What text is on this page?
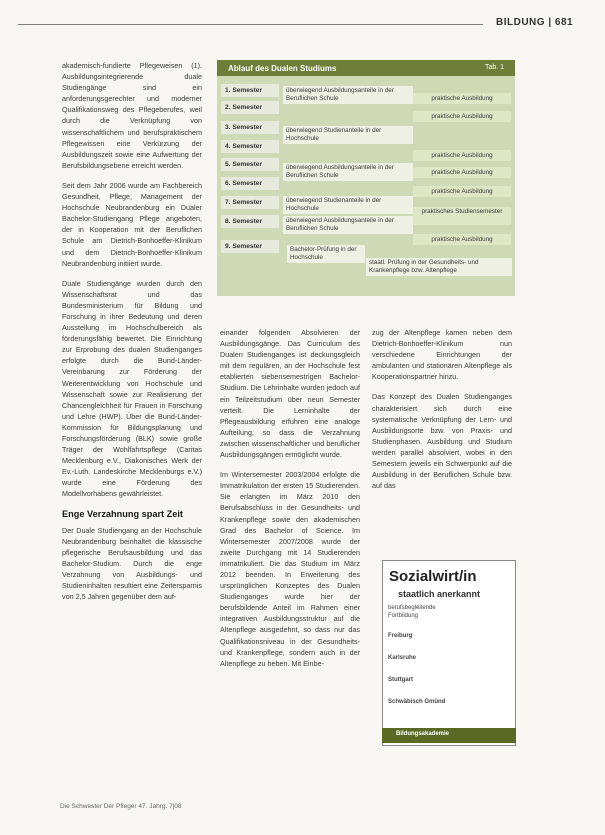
BILDUNG | 681

akademisch-fundierte Pflegeweisen (1). Ausbildungsintegrierende duale Studiengänge sind ein anforderungsgerechter und moderner Qualifikationsweg des Pflegeberufes, weil durch die Verknüpfung von wissenschaftlichem und berufspraktischem Pflegewissen eine Verkürzung der Ausbildungszeit sowie eine Aufwertung der Berufsbildungsebene erreicht werden.

Seit dem Jahr 2006 wurde am Fachbereich Gesundheit, Pflege, Management der Hochschule Neubrandenburg ein Dualer Bachelor-Studiengang Pflege angeboten, der in Kooperation mit der Beruflichen Schule am Dietrich-Bonhoeffer-Klinikum und dem Dietrich-Bonhoeffer-Klinikum Neubrandenburg initiiert wurde.

Duale Studiengänge wurden durch den Wissenschaftsrat und das Bundesministerium für Bildung und Forschung in ihrer Bedeutung und deren Ausstellung im Hochschulbereich als förderungsfähig bewertet. Die Einrichtung zur Erprobung des dualen Studienganges erfolgte durch die Bund-Länder-Vereinbarung zur Förderung der Weiterentwicklung von Hochschule und Wissenschaft sowie zur Realisierung der Chancengleichheit für Frauen in Forschung und Lehre (HWP). Über die Bund-Länder-Kommission für Bildungsplanung und Forschungsförderung (BLK) sowie große Träger der Wohlfahrtspflege (Caritas Mecklenburg e.V., Diakonisches Werk der Ev.-Luth. Landeskirche Mecklenburgs e.V.) wurde eine Förderung des Modellvorhabens gewährleistet.

Enge Verzahnung spart Zeit

Der Duale Studiengang an der Hochschule Neubrandenburg beinhaltet die klassische pflegerische Berufsausbildung und das Bachelor-Studium. Durch die enge Verzahnung von Ausbildungs- und Studieninhalten resultiert eine Zeitersparnis von 2,5 Jahren gegenüber dem auf-

Ablauf des Dualen Studiums	Tab. 1
1. Semester
2. Semester
3. Semester
4. Semester
5. Semester
6. Semester
7. Semester
8. Semester
9. Semester
überwiegend Ausbildungsanteile in der Beruflichen Schule
überwiegend Studienanteile in der Hochschule
überwiegend Ausbildungsanteile in der Beruflichen Schule
überwiegend Studienanteile in der Hochschule
überwiegend Ausbildungsanteile in der Beruflichen Schule
Bachelor-Prüfung in der Hochschule
staatl. Prüfung in der Gesundheits- und Krankenpflege bzw. Altenpflege
praktische Ausbildung
praktische Ausbildung
praktische Ausbildung
praktische Ausbildung
praktische Ausbildung
praktisches Studiensemester
praktische Ausbildung

einander folgenden Absolvieren der Ausbildungsgänge. Das Curriculum des Dualen Studienganges ist deckungsgleich mit dem regulären, an der Hochschule fest etablierten siebensemestrigen Bachelor-Studium. Die Lehrinhalte wurden jedoch auf ein Teilzeitstudium über neun Semester verteilt. Die Lerninhalte der Pflegeausbildung erfuhren eine analoge Aufteilung, so dass die Verzahnung zwischen wissenschaftlicher und beruflicher Ausbildungsgängen ermöglicht wurde.

Im Wintersemester 2003/2004 erfolgte die Immatrikulation der ersten 15 Studierenden. Sie erlangten im März 2010 den Berufsabschluss in der Gesundheits- und Krankenpflege sowie den akademischen Grad des Bachelor of Science. Im Wintersemester 2007/2008 wurde der zweite Durchgang mit 14 Studierenden immatrikuliert. Die das Studium im März 2012 beenden. In Erweiterung des ursprünglichen Konzeptes des Dualen Studienganges wurde hier der berufsbildende Anteil im Rahmen einer integrativen Ausbildungsstruktur auf die Altenpflege ausgedehnt, so dass nur das Qualifikationsniveau in der Gesundheits- und Krankenpflege, sondern auch in der Altenpflege zu heben. Mit Einbe-

zug der Altenpflege kamen neben dem Dietrich-Bonhoeffer-Klinikum nun verschiedene Einrichtungen der ambulanten und stationären Altenpflege als Kooperationspartner hinzu.

Das Konzept des Dualen Studienganges charakterisiert sich durch eine systematische Verknüpfung der Lern- und Ausbildungsorte bzw. von Praxis- und Studienphasen. Ausbildung und Studium werden parallel absolviert, wobei in den Semestern jeweils ein Schwerpunkt auf die Ausbildung in der Beruflichen Schule bzw. auf das

Sozialwirt/in
staatlich anerkannt
berufsbegleitende
Fortbildung
Freiburg
Karlsruhe
Stuttgart
Schwäbisch Gmünd
Bildungsakademie
Die Schwester Der Pfleger 47. Jahrg. 7|08
